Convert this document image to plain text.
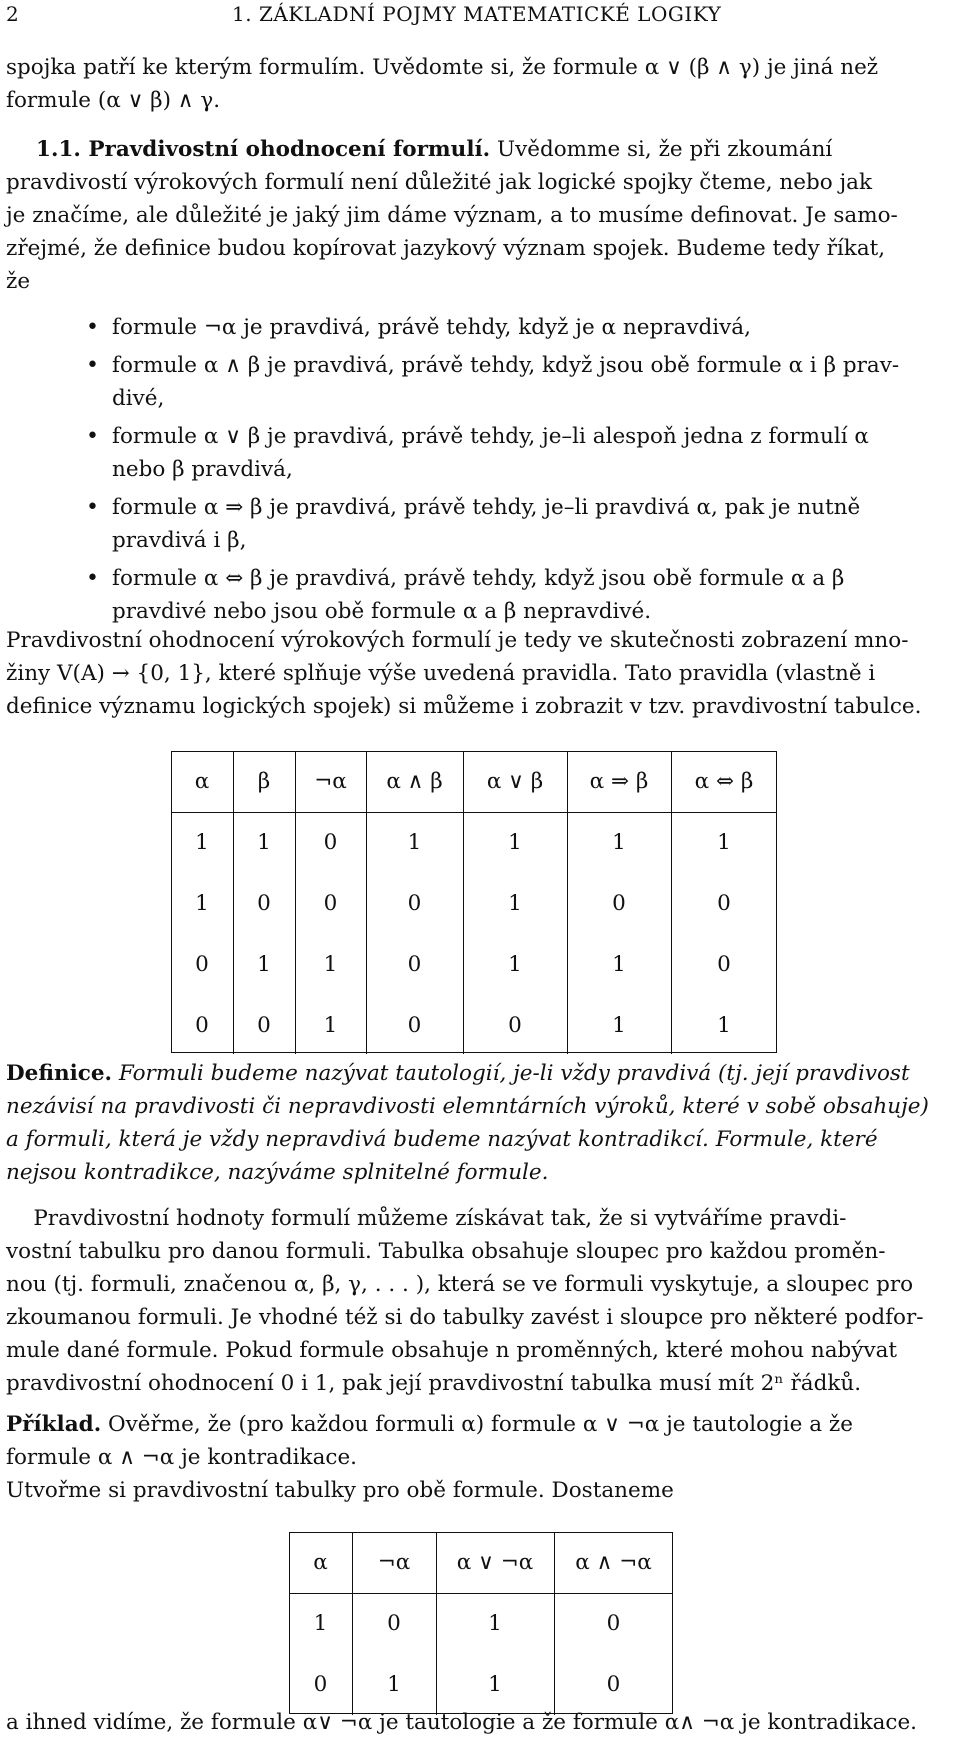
2	1. ZÁKLADNÍ POJMY MATEMATICKÉ LOGIKY

spojka patří ke kterým formulím. Uvědomte si, že formule α ∨ (β ∧ γ) je jiná než
formule (α ∨ β) ∧ γ.

1.1. Pravdivostní ohodnocení formulí. Uvědomme si, že při zkoumání
pravdivostí výrokových formulí není důležité jak logické spojky čteme, nebo jak
je značíme, ale důležité je jaký jim dáme význam, a to musíme definovat. Je samo-
zřejmé, že definice budou kopírovat jazykový význam spojek. Budeme tedy říkat,
že

• formule ¬α je pravdivá, právě tehdy, když je α nepravdivá,
• formule α ∧ β je pravdivá, právě tehdy, když jsou obě formule α i β prav-
divé,
• formule α ∨ β je pravdivá, právě tehdy, je–li alespoň jedna z formulí α
nebo β pravdivá,
• formule α ⇒ β je pravdivá, právě tehdy, je–li pravdivá α, pak je nutně
pravdivá i β,
• formule α ⇔ β je pravdivá, právě tehdy, když jsou obě formule α a β
pravdivé nebo jsou obě formule α a β nepravdivé.

Pravdivostní ohodnocení výrokových formulí je tedy ve skutečnosti zobrazení mno-
žiny V(A) → {0, 1}, které splňuje výše uvedená pravidla. Tato pravidla (vlastně i
definice významu logických spojek) si můžeme i zobrazit v tzv. pravdivostní tabulce.

α	β	¬α	α ∧ β	α ∨ β	α ⇒ β	α ⇔ β
1	1	0	1	1	1	1
1	0	0	0	1	0	0
0	1	1	0	1	1	0
0	0	1	0	0	1	1

Definice. Formuli budeme nazývat tautologií, je-li vždy pravdivá (tj. její pravdivost
nezávisí na pravdivosti či nepravdivosti elemntárních výroků, které v sobě obsahuje)
a formuli, která je vždy nepravdivá budeme nazývat kontradikcí. Formule, které
nejsou kontradikce, nazýváme splnitelné formule.

Pravdivostní hodnoty formulí můžeme získávat tak, že si vytváříme pravdi-
vostní tabulku pro danou formuli. Tabulka obsahuje sloupec pro každou proměn-
nou (tj. formuli, značenou α, β, γ, . . . ), která se ve formuli vyskytuje, a sloupec pro
zkoumanou formuli. Je vhodné též si do tabulky zavést i sloupce pro některé podfor-
mule dané formule. Pokud formule obsahuje n proměnných, které mohou nabývat
pravdivostní ohodnocení 0 i 1, pak její pravdivostní tabulka musí mít 2ⁿ řádků.

Příklad. Ověřme, že (pro každou formuli α) formule α ∨ ¬α je tautologie a že
formule α ∧ ¬α je kontradikace.
Utvořme si pravdivostní tabulky pro obě formule. Dostaneme

α	¬α	α ∨ ¬α	α ∧ ¬α
1	0	1	0
0	1	1	0

a ihned vidíme, že formule α∨ ¬α je tautologie a že formule α∧ ¬α je kontradikace.
